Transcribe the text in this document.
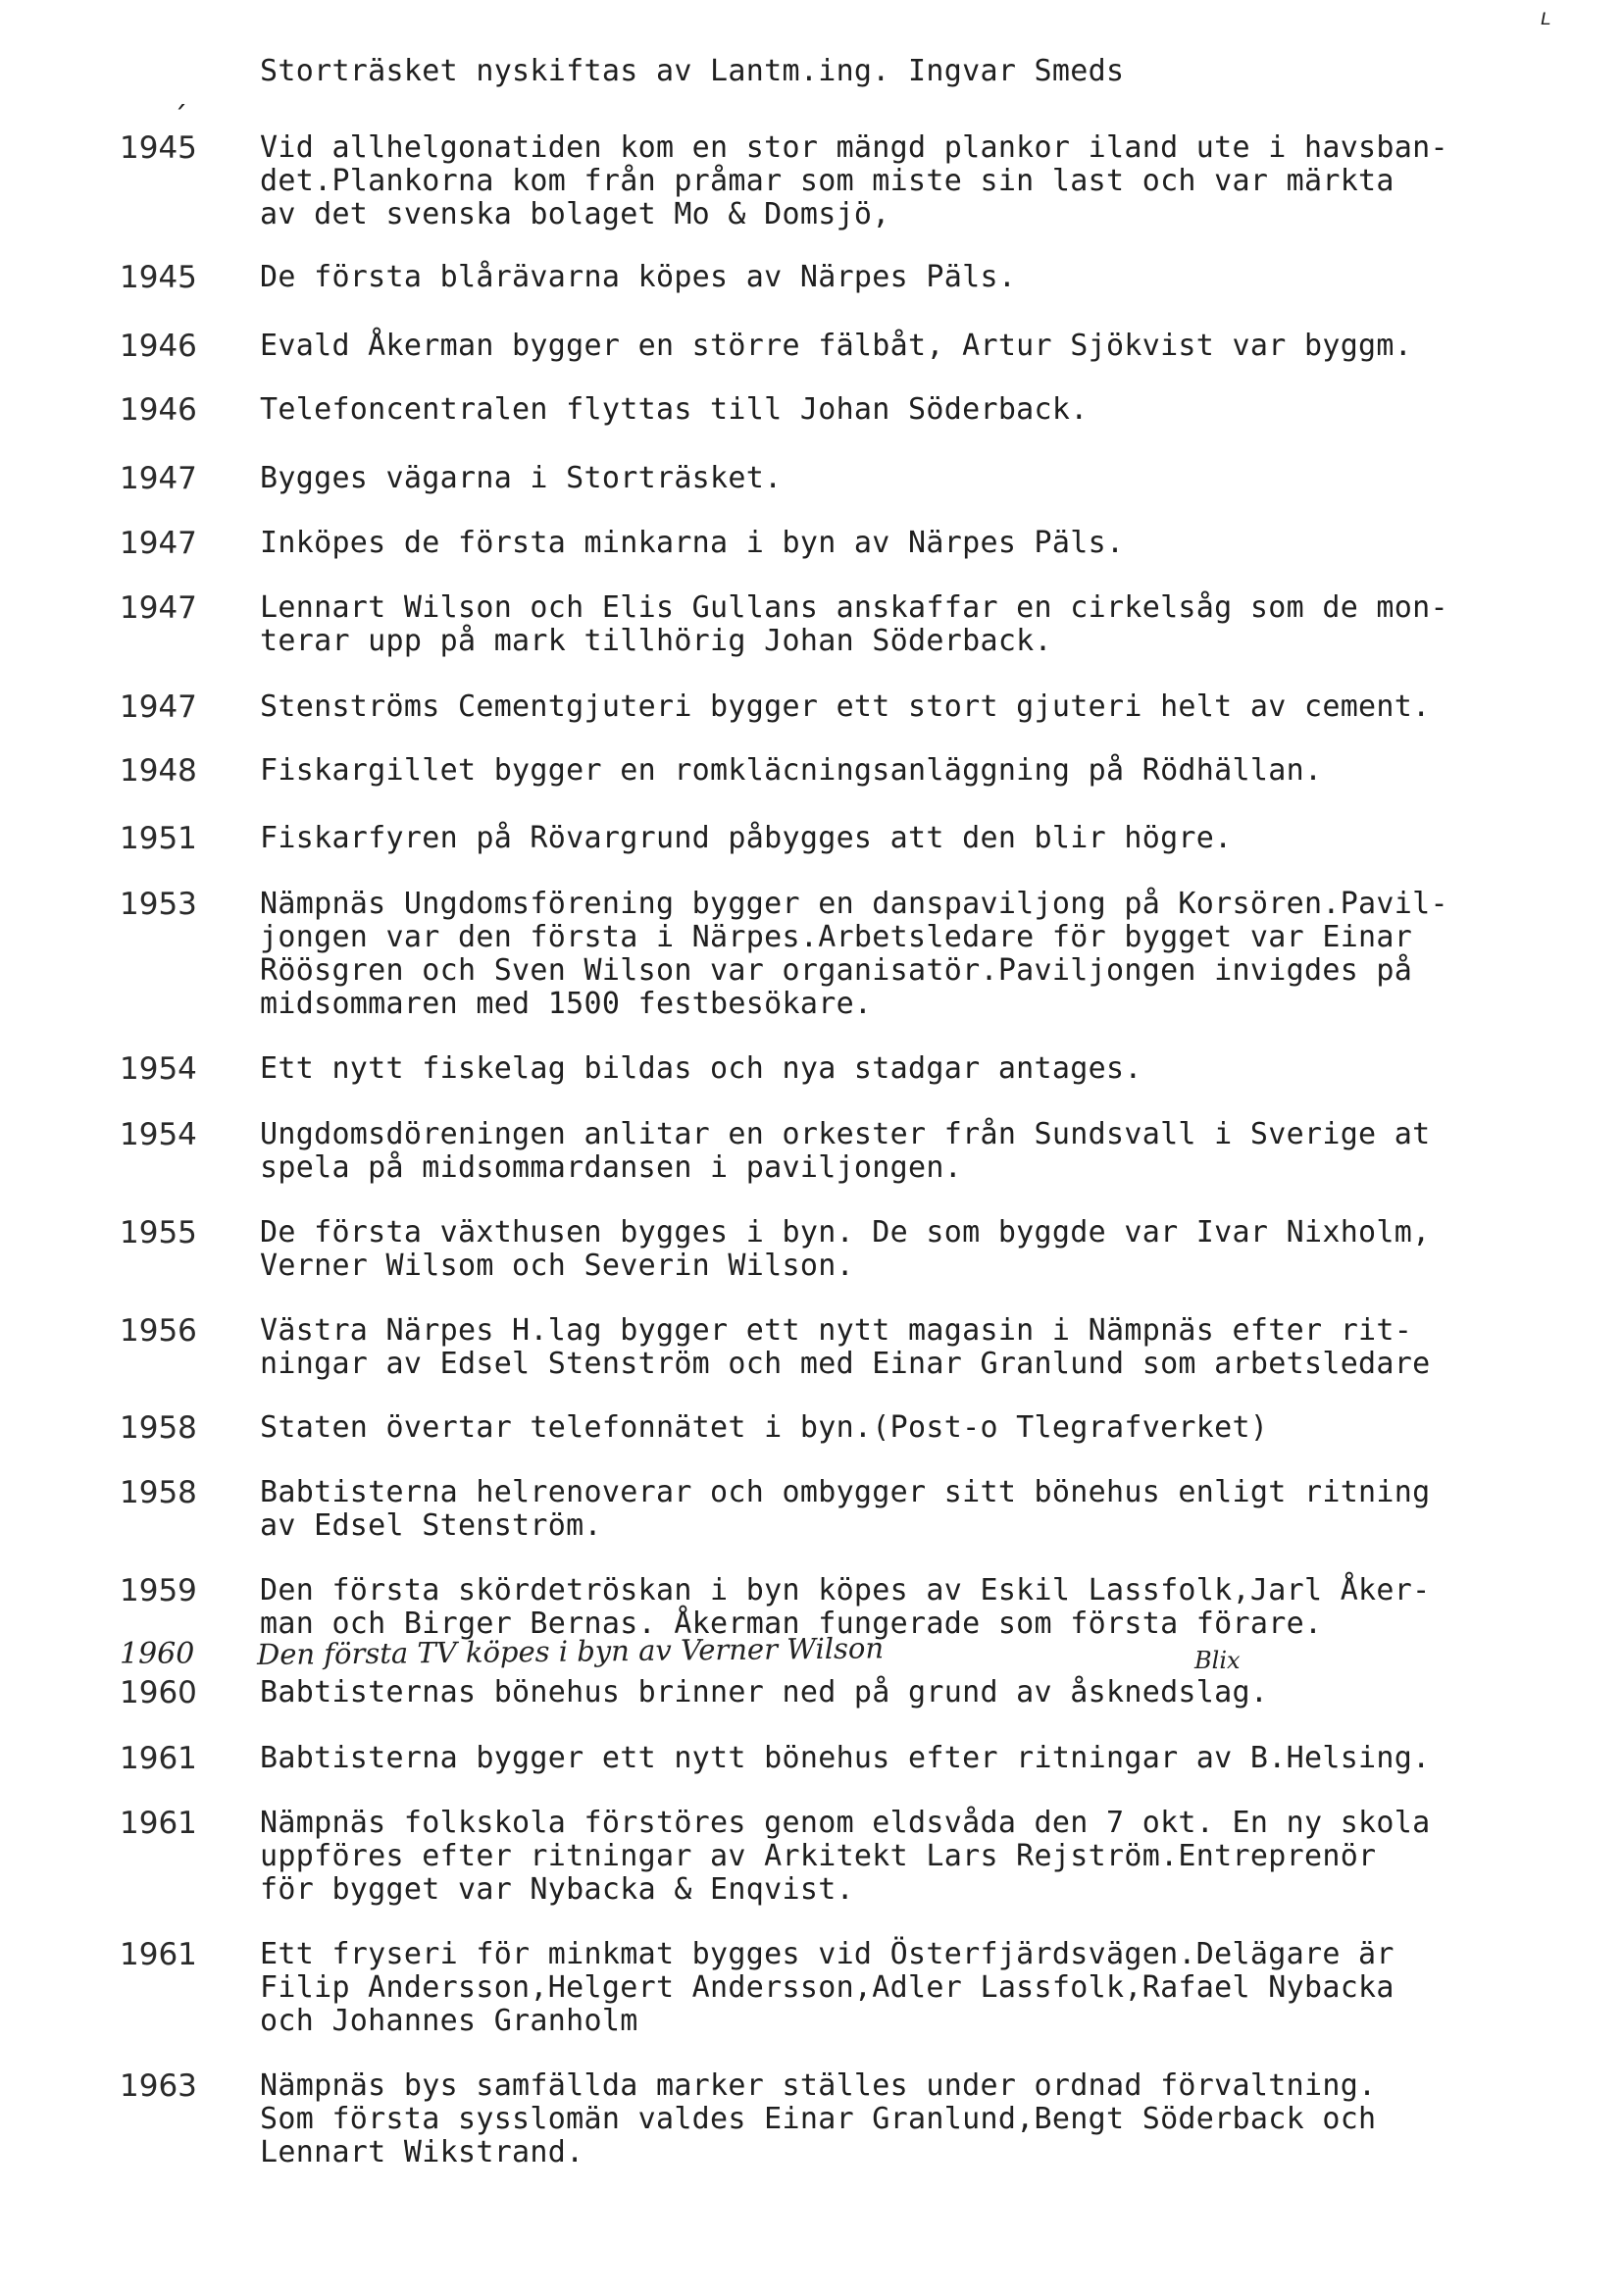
ᴸ
ˏ

Storträsket nyskiftas av Lantm.ing. Ingvar Smeds

1945	Vid allhelgonatiden kom en stor mängd plankor iland ute i havsban-
det.Plankorna kom från pråmar som miste sin last och var märkta
av det svenska bolaget Mo & Domsjö,

1945	De första blårävarna köpes av Närpes Päls.

1946	Evald Åkerman bygger en större fälbåt, Artur Sjökvist var byggm.

1946	Telefoncentralen flyttas till Johan Söderback.

1947	Bygges vägarna i Storträsket.

1947	Inköpes de första minkarna i byn av Närpes Päls.

1947	Lennart Wilson och Elis Gullans anskaffar en cirkelsåg som de mon-
terar upp på mark tillhörig Johan Söderback.

1947	Stenströms Cementgjuteri bygger ett stort gjuteri helt av cement.

1948	Fiskargillet bygger en romkläcningsanläggning på Rödhällan.

1951	Fiskarfyren på Rövargrund påbygges att den blir högre.

1953	Nämpnäs Ungdomsförening bygger en danspaviljong på Korsören.Pavil-
jongen var den första i Närpes.Arbetsledare för bygget var Einar
Röösgren och Sven Wilson var organisatör.Paviljongen invigdes på
midsommaren med 1500 festbesökare.

1954	Ett nytt fiskelag bildas och nya stadgar antages.

1954	Ungdomsdöreningen anlitar en orkester från Sundsvall i Sverige at
spela på midsommardansen i paviljongen.

1955	De första växthusen bygges i byn. De som byggde var Ivar Nixholm,
Verner Wilsom och Severin Wilson.

1956	Västra Närpes H.lag bygger ett nytt magasin i Nämpnäs efter rit-
ningar av Edsel Stenström och med Einar Granlund som arbetsledare

1958	Staten övertar telefonnätet i byn.(Post-o Tlegrafverket)

1958	Babtisterna helrenoverar och ombygger sitt bönehus enligt ritning
av Edsel Stenström.

1959	Den första skördetröskan i byn köpes av Eskil Lassfolk,Jarl Åker-
man och Birger Bernas. Åkerman fungerade som första förare.

1960	Den första TV köpes i byn av Verner Wilson	Blix
1960	Babtisternas bönehus brinner ned på grund av åsknedslag.

1961	Babtisterna bygger ett nytt bönehus efter ritningar av B.Helsing.

1961	Nämpnäs folkskola förstöres genom eldsvåda den 7 okt. En ny skola
uppföres efter ritningar av Arkitekt Lars Rejström.Entreprenör
för bygget var Nybacka & Enqvist.

1961	Ett fryseri för minkmat bygges vid Österfjärdsvägen.Delägare är
Filip Andersson,Helgert Andersson,Adler Lassfolk,Rafael Nybacka
och Johannes Granholm

1963	Nämpnäs bys samfällda marker ställes under ordnad förvaltning.
Som första sysslomän valdes Einar Granlund,Bengt Söderback och
Lennart Wikstrand.
